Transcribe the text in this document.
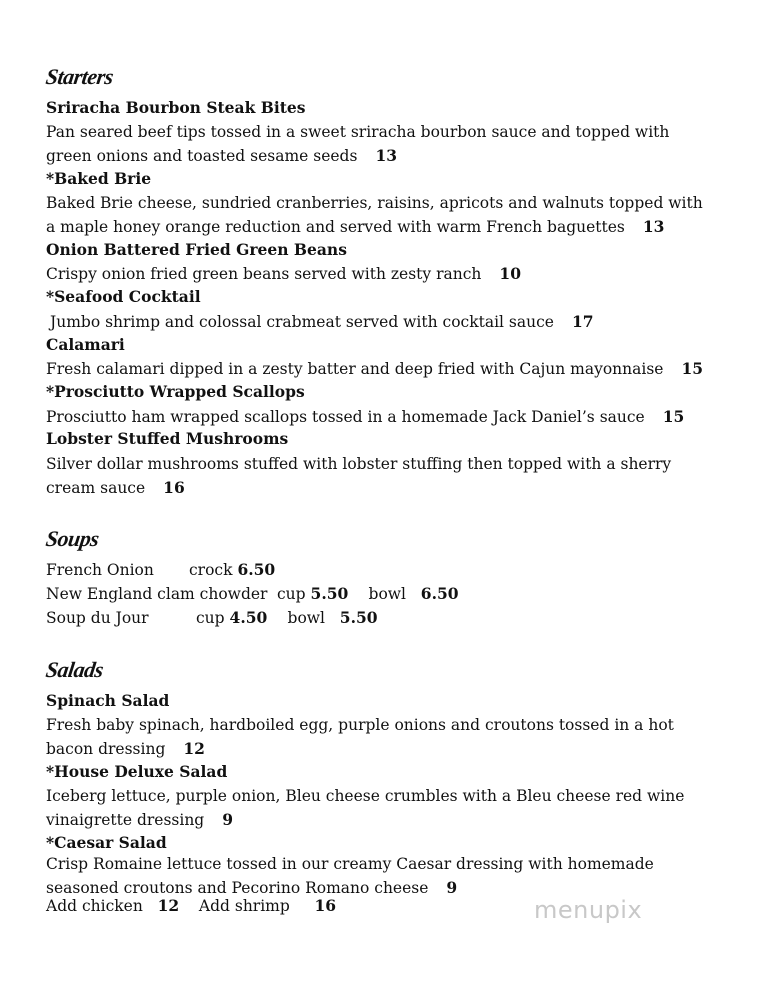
Starters
Sriracha Bourbon Steak Bites
Pan seared beef tips tossed in a sweet sriracha bourbon sauce and topped with green onions and toasted sesame seeds 13
*Baked Brie
Baked Brie cheese, sundried cranberries, raisins, apricots and walnuts topped with a maple honey orange reduction and served with warm French baguettes 13
Onion Battered Fried Green Beans
Crispy onion fried green beans served with zesty ranch 10
*Seafood Cocktail
Jumbo shrimp and colossal crabmeat served with cocktail sauce 17
Calamari
Fresh calamari dipped in a zesty batter and deep fried with Cajun mayonnaise 15
*Prosciutto Wrapped Scallops
Prosciutto ham wrapped scallops tossed in a homemade Jack Daniel’s sauce 15
Lobster Stuffed Mushrooms
Silver dollar mushrooms stuffed with lobster stuffing then topped with a sherry cream sauce 16
Soups
French Onion crock 6.50
New England clam chowder cup 5.50 bowl 6.50
Soup du Jour	cup 4.50 bowl 5.50
Salads
Spinach Salad
Fresh baby spinach, hardboiled egg, purple onions and croutons tossed in a hot bacon dressing 12
*House Deluxe Salad
Iceberg lettuce, purple onion, Bleu cheese crumbles with a Bleu cheese red wine vinaigrette dressing 9
*Caesar Salad
Crisp Romaine lettuce tossed in our creamy Caesar dressing with homemade seasoned croutons and Pecorino Romano cheese 9
Add chicken 12 Add shrimp 16	menupix
